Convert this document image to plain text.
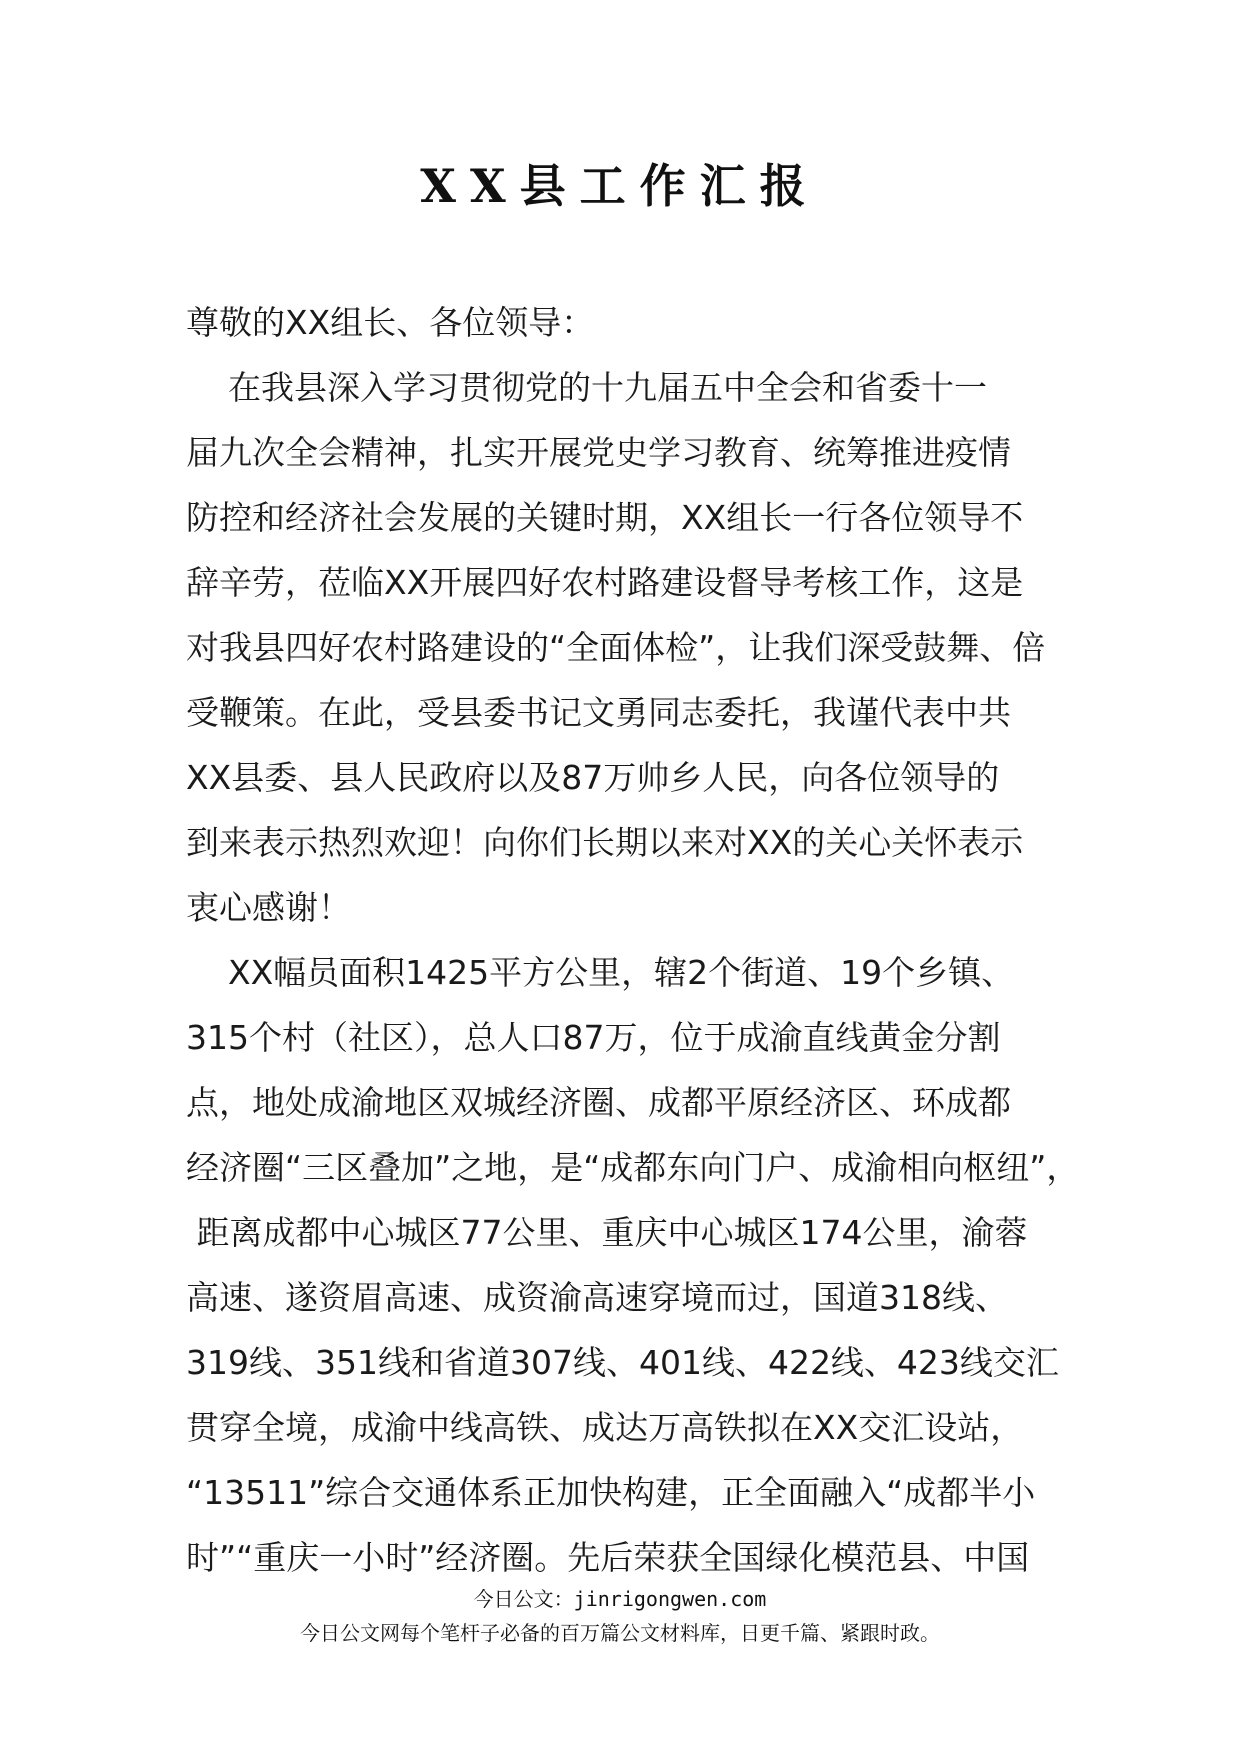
XX县工作汇报
尊敬的XX组长、各位领导：
在我县深入学习贯彻党的十九届五中全会和省委十一
届九次全会精神，扎实开展党史学习教育、统筹推进疫情
防控和经济社会发展的关键时期，XX组长一行各位领导不
辞辛劳，莅临XX开展四好农村路建设督导考核工作，这是
对我县四好农村路建设的“全面体检”，让我们深受鼓舞、倍
受鞭策。在此，受县委书记文勇同志委托，我谨代表中共
XX县委、县人民政府以及87万帅乡人民，向各位领导的
到来表示热烈欢迎！向你们长期以来对XX的关心关怀表示
衷心感谢！
XX幅员面积1425平方公里，辖2个街道、19个乡镇、
315个村（社区），总人口87万，位于成渝直线黄金分割
点，地处成渝地区双城经济圈、成都平原经济区、环成都
经济圈“三区叠加”之地，是“成都东向门户、成渝相向枢纽”，
距离成都中心城区77公里、重庆中心城区174公里，渝蓉
高速、遂资眉高速、成资渝高速穿境而过，国道318线、
319线、351线和省道307线、401线、422线、423线交汇
贯穿全境，成渝中线高铁、成达万高铁拟在XX交汇设站，
“13511”综合交通体系正加快构建，正全面融入“成都半小
时”“重庆一小时”经济圈。先后荣获全国绿化模范县、中国
今日公文：jinrigongwen.com
今日公文网每个笔杆子必备的百万篇公文材料库，日更千篇、紧跟时政。
